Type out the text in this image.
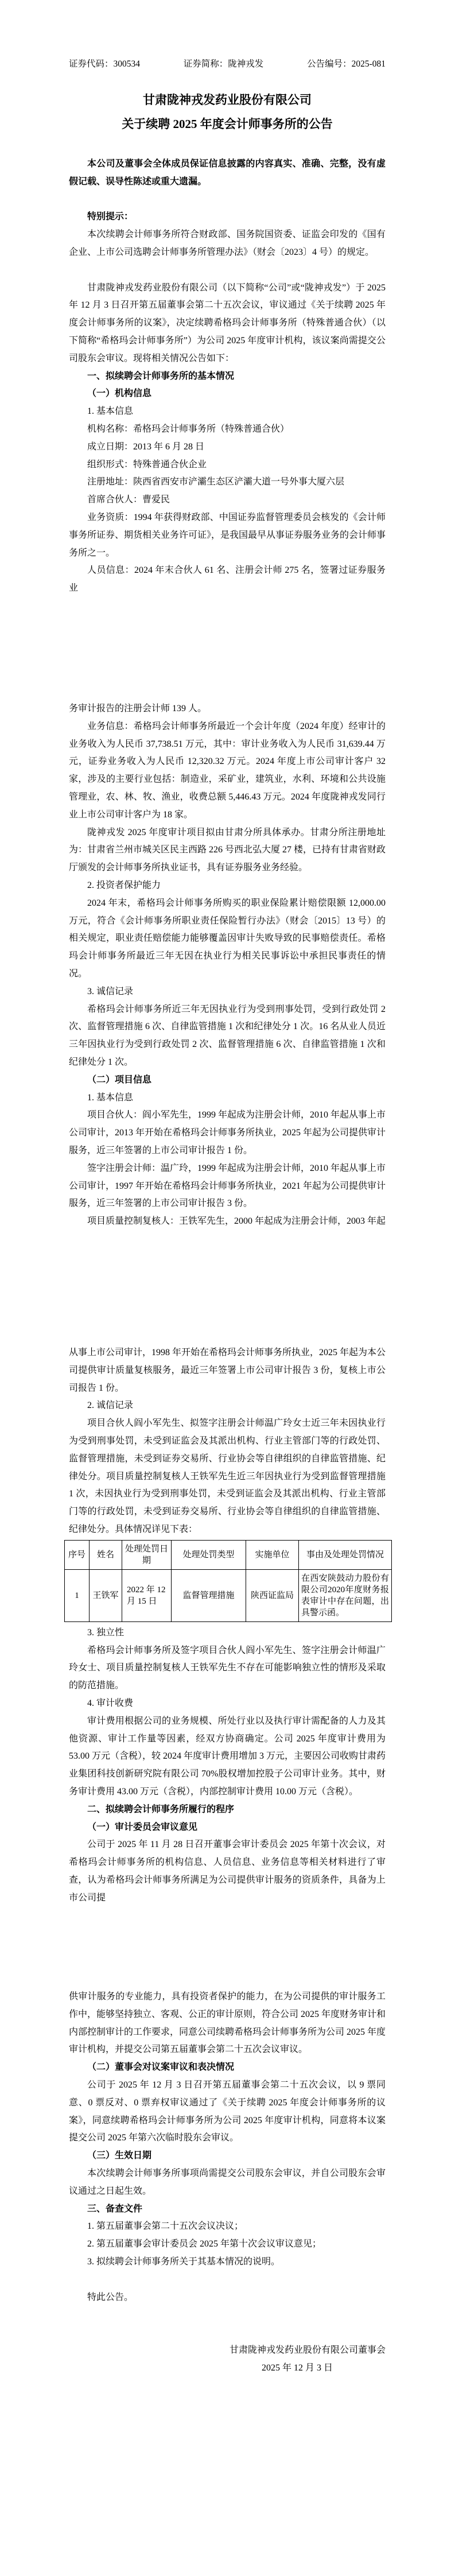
证券代码：300534	证券简称：陇神戎发	公告编号：2025-081
甘肃陇神戎发药业股份有限公司
关于续聘 2025 年度会计师事务所的公告

本公司及董事会全体成员保证信息披露的内容真实、准确、完整，没有虚假记载、误导性陈述或重大遗漏。

特别提示：

本次续聘会计师事务所符合财政部、国务院国资委、证监会印发的《国有企业、上市公司选聘会计师事务所管理办法》（财会〔2023〕4 号）的规定。

甘肃陇神戎发药业股份有限公司（以下简称“公司”或“陇神戎发”）于 2025 年 12 月 3 日召开第五届董事会第二十五次会议，审议通过《关于续聘 2025 年度会计师事务所的议案》，决定续聘希格玛会计师事务所（特殊普通合伙）（以下简称“希格玛会计师事务所”）为公司 2025 年度审计机构，该议案尚需提交公司股东会审议。现将相关情况公告如下：

一、拟续聘会计师事务所的基本情况

（一）机构信息

1. 基本信息

机构名称：希格玛会计师事务所（特殊普通合伙）

成立日期：2013 年 6 月 28 日

组织形式：特殊普通合伙企业

注册地址：陕西省西安市浐灞生态区浐灞大道一号外事大厦六层

首席合伙人：曹爱民

业务资质：1994 年获得财政部、中国证券监督管理委员会核发的《会计师事务所证券、期货相关业务许可证》，是我国最早从事证券服务业务的会计师事务所之一。

人员信息：2024 年末合伙人 61 名、注册会计师 275 名，签署过证券服务业

务审计报告的注册会计师 139 人。

业务信息：希格玛会计师事务所最近一个会计年度（2024 年度）经审计的业务收入为人民币 37,738.51 万元，其中：审计业务收入为人民币 31,639.44 万元，证券业务收入为人民币 12,320.32 万元。2024 年度上市公司审计客户 32 家，涉及的主要行业包括：制造业，采矿业，建筑业，水利、环境和公共设施管理业，农、林、牧、渔业，收费总额 5,446.43 万元。2024 年度陇神戎发同行业上市公司审计客户为 18 家。

陇神戎发 2025 年度审计项目拟由甘肃分所具体承办。甘肃分所注册地址为：甘肃省兰州市城关区民主西路 226 号西北弘大厦 27 楼，已持有甘肃省财政厅颁发的会计师事务所执业证书，具有证券服务业务经验。

2. 投资者保护能力

2024 年末，希格玛会计师事务所购买的职业保险累计赔偿限额 12,000.00 万元，符合《会计师事务所职业责任保险暂行办法》（财会〔2015〕13 号）的相关规定，职业责任赔偿能力能够覆盖因审计失败导致的民事赔偿责任。希格玛会计师事务所最近三年无因在执业行为相关民事诉讼中承担民事责任的情况。

3. 诚信记录

希格玛会计师事务所近三年无因执业行为受到刑事处罚，受到行政处罚 2 次、监督管理措施 6 次、自律监管措施 1 次和纪律处分 1 次。16 名从业人员近三年因执业行为受到行政处罚 2 次、监督管理措施 6 次、自律监管措施 1 次和纪律处分 1 次。

（二）项目信息

1. 基本信息

项目合伙人：阎小军先生，1999 年起成为注册会计师，2010 年起从事上市公司审计，2013 年开始在希格玛会计师事务所执业，2025 年起为公司提供审计服务，近三年签署的上市公司审计报告 1 份。

签字注册会计师：温广玲，1999 年起成为注册会计师，2010 年起从事上市公司审计，1997 年开始在希格玛会计师事务所执业，2021 年起为公司提供审计服务，近三年签署的上市公司审计报告 3 份。

项目质量控制复核人：王铁军先生，2000 年起成为注册会计师，2003 年起

从事上市公司审计，1998 年开始在希格玛会计师事务所执业，2025 年起为本公司提供审计质量复核服务，最近三年签署上市公司审计报告 3 份，复核上市公司报告 1 份。

2. 诚信记录

项目合伙人阎小军先生、拟签字注册会计师温广玲女士近三年未因执业行为受到刑事处罚，未受到证监会及其派出机构、行业主管部门等的行政处罚、监督管理措施，未受到证券交易所、行业协会等自律组织的自律监管措施、纪律处分。项目质量控制复核人王铁军先生近三年因执业行为受到监督管理措施 1 次，未因执业行为受到刑事处罚，未受到证监会及其派出机构、行业主管部门等的行政处罚，未受到证券交易所、行业协会等自律组织的自律监管措施、纪律处分。具体情况详见下表：

序号	姓名	处理处罚日期	处理处罚类型	实施单位	事由及处理处罚情况
1	王铁军	2022 年 12 月 15 日	监督管理措施	陕西证监局	在西安陕鼓动力股份有限公司2020年度财务报表审计中存在问题，出具警示函。

3. 独立性

希格玛会计师事务所及签字项目合伙人阎小军先生、签字注册会计师温广玲女士、项目质量控制复核人王铁军先生不存在可能影响独立性的情形及采取的防范措施。

4. 审计收费

审计费用根据公司的业务规模、所处行业以及执行审计需配备的人力及其他资源、审计工作量等因素，经双方协商确定。公司 2025 年度审计费用为 53.00 万元（含税），较 2024 年度审计费用增加 3 万元，主要因公司收购甘肃药业集团科技创新研究院有限公司 70%股权增加控股子公司审计业务。其中，财务审计费用 43.00 万元（含税），内部控制审计费用 10.00 万元（含税）。

二、拟续聘会计师事务所履行的程序

（一）审计委员会审议意见

公司于 2025 年 11 月 28 日召开董事会审计委员会 2025 年第十次会议，对希格玛会计师事务所的机构信息、人员信息、业务信息等相关材料进行了审查，认为希格玛会计师事务所满足为公司提供审计服务的资质条件，具备为上市公司提

供审计服务的专业能力，具有投资者保护的能力，在为公司提供的审计服务工作中，能够坚持独立、客观、公正的审计原则，符合公司 2025 年度财务审计和内部控制审计的工作要求，同意公司续聘希格玛会计师事务所为公司 2025 年度审计机构，并提交公司第五届董事会第二十五次会议审议。

（二）董事会对议案审议和表决情况

公司于 2025 年 12 月 3 日召开第五届董事会第二十五次会议，以 9 票同意、0 票反对、0 票弃权审议通过了《关于续聘 2025 年度会计师事务所的议案》，同意续聘希格玛会计师事务所为公司 2025 年度审计机构，同意将本议案提交公司 2025 年第六次临时股东会审议。

（三）生效日期

本次续聘会计师事务所事项尚需提交公司股东会审议，并自公司股东会审议通过之日起生效。

三、备查文件

1. 第五届董事会第二十五次会议决议；

2. 第五届董事会审计委员会 2025 年第十次会议审议意见；

3. 拟续聘会计师事务所关于其基本情况的说明。

特此公告。

甘肃陇神戎发药业股份有限公司董事会

2025 年 12 月 3 日
